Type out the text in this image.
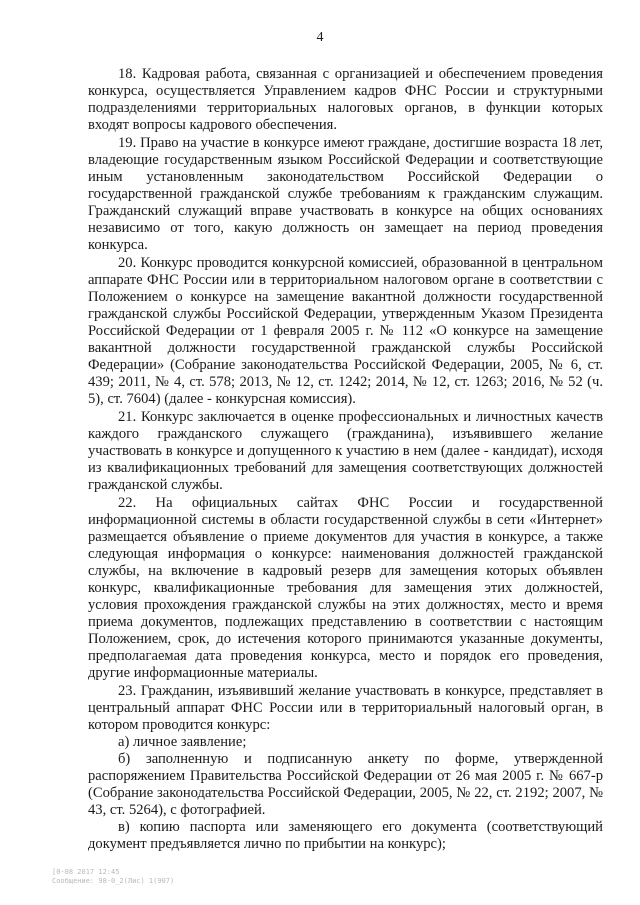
4

18. Кадровая работа, связанная с организацией и обеспечением проведения конкурса, осуществляется Управлением кадров ФНС России и структурными подразделениями территориальных налоговых органов, в функции которых входят вопросы кадрового обеспечения.

19. Право на участие в конкурсе имеют граждане, достигшие возраста 18 лет, владеющие государственным языком Российской Федерации и соответствующие иным установленным законодательством Российской Федерации о государственной гражданской службе требованиям к гражданским служащим. Гражданский служащий вправе участвовать в конкурсе на общих основаниях независимо от того, какую должность он замещает на период проведения конкурса.

20. Конкурс проводится конкурсной комиссией, образованной в центральном аппарате ФНС России или в территориальном налоговом органе в соответствии с Положением о конкурсе на замещение вакантной должности государственной гражданской службы Российской Федерации, утвержденным Указом Президента Российской Федерации от 1 февраля 2005 г. № 112 «О конкурсе на замещение вакантной должности государственной гражданской службы Российской Федерации» (Собрание законодательства Российской Федерации, 2005, № 6, ст. 439; 2011, № 4, ст. 578; 2013, № 12, ст. 1242; 2014, № 12, ст. 1263; 2016, № 52 (ч. 5), ст. 7604) (далее - конкурсная комиссия).

21. Конкурс заключается в оценке профессиональных и личностных качеств каждого гражданского служащего (гражданина), изъявившего желание участвовать в конкурсе и допущенного к участию в нем (далее - кандидат), исходя из квалификационных требований для замещения соответствующих должностей гражданской службы.

22. На официальных сайтах ФНС России и государственной информационной системы в области государственной службы в сети «Интернет» размещается объявление о приеме документов для участия в конкурсе, а также следующая информация о конкурсе: наименования должностей гражданской службы, на включение в кадровый резерв для замещения которых объявлен конкурс, квалификационные требования для замещения этих должностей, условия прохождения гражданской службы на этих должностях, место и время приема документов, подлежащих представлению в соответствии с настоящим Положением, срок, до истечения которого принимаются указанные документы, предполагаемая дата проведения конкурса, место и порядок его проведения, другие информационные материалы.

23. Гражданин, изъявивший желание участвовать в конкурсе, представляет в центральный аппарат ФНС России или в территориальный налоговый орган, в котором проводится конкурс:

а) личное заявление;

б) заполненную и подписанную анкету по форме, утвержденной распоряжением Правительства Российской Федерации от 26 мая 2005 г. № 667-р (Собрание законодательства Российской Федерации, 2005, № 22, ст. 2192; 2007, № 43, ст. 5264), с фотографией.

в) копию паспорта или заменяющего его документа (соответствующий документ предъявляется лично по прибытии на конкурс);

[0-08 2017 12:45
Сообщение: 98-0_2(Лис) 1(907)
